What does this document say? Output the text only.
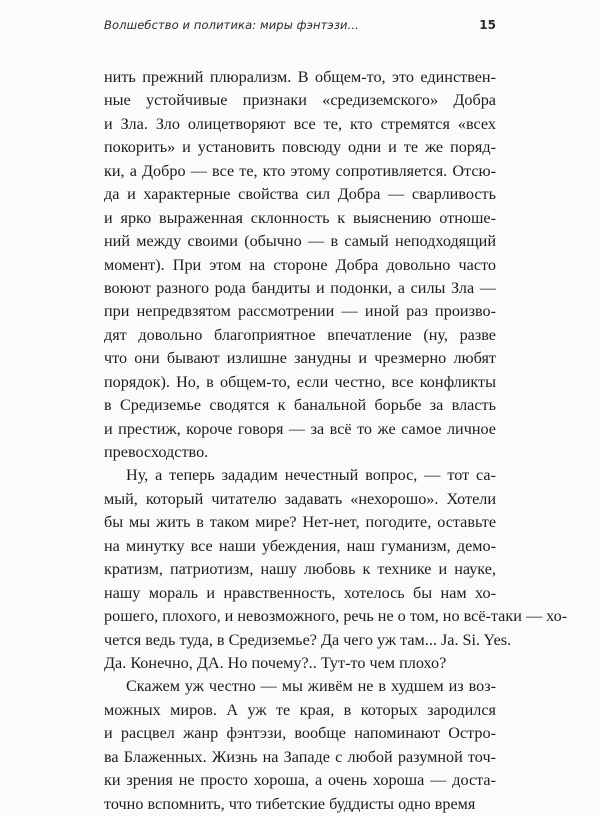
Волшебство и политика: миры фэнтэзи...	15
нить прежний плюрализм. В общем-то, это единствен-
ные устойчивые признаки «средиземского» Добра
и Зла. Зло олицетворяют все те, кто стремятся «всех
покорить» и установить повсюду одни и те же поряд-
ки, а Добро — все те, кто этому сопротивляется. Отсю-
да и характерные свойства сил Добра — сварливость
и ярко выраженная склонность к выяснению отноше-
ний между своими (обычно — в самый неподходящий
момент). При этом на стороне Добра довольно часто
воюют разного рода бандиты и подонки, а силы Зла —
при непредвзятом рассмотрении — иной раз произво-
дят довольно благоприятное впечатление (ну, разве
что они бывают излишне занудны и чрезмерно любят
порядок). Но, в общем-то, если честно, все конфликты
в Средиземье сводятся к банальной борьбе за власть
и престиж, короче говоря — за всё то же самое личное
превосходство.
Ну, а теперь зададим нечестный вопрос, — тот са-
мый, который читателю задавать «нехорошо». Хотели
бы мы жить в таком мире? Нет-нет, погодите, оставьте
на минутку все наши убеждения, наш гуманизм, демо-
кратизм, патриотизм, нашу любовь к технике и науке,
нашу мораль и нравственность, хотелось бы нам хо-
рошего, плохого, и невозможного, речь не о том, но всё-таки — хо-
чется ведь туда, в Средиземье? Да чего уж там... Ja. Si. Yes.
Да. Конечно, ДА. Но почему?.. Тут-то чем плохо?
Скажем уж честно — мы живём не в худшем из воз-
можных миров. А уж те края, в которых зародился
и расцвел жанр фэнтэзи, вообще напоминают Остро-
ва Блаженных. Жизнь на Западе с любой разумной точ-
ки зрения не просто хороша, а очень хороша — доста-
точно вспомнить, что тибетские буддисты одно время
